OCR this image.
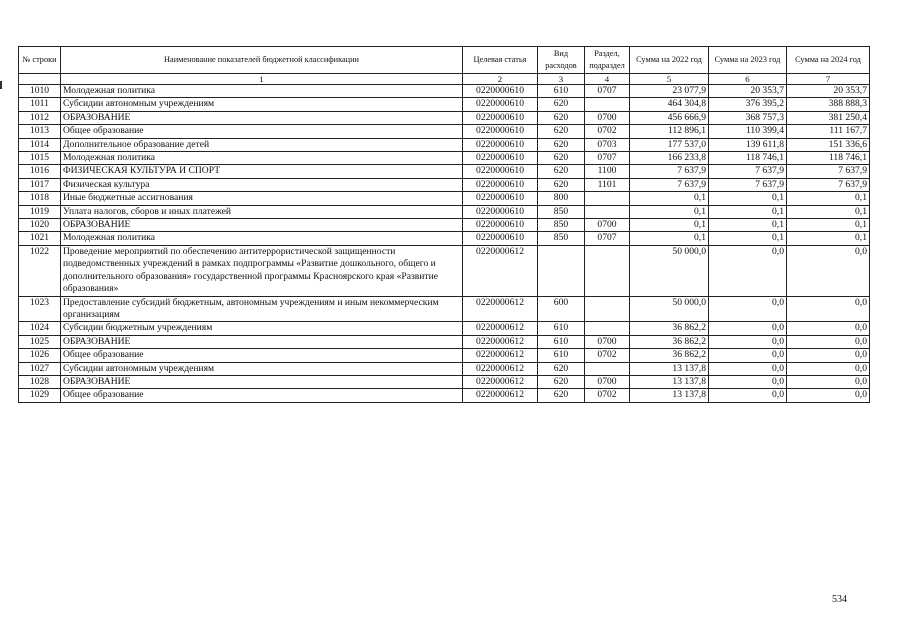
№ строки	Наименование показателей бюджетной классификации	Целевая статья	Вид расходов	Раздел, подраздел	Сумма на 2022 год	Сумма на 2023 год	Сумма на 2024 год
	1	2	3	4	5	6	7
1010	Молодежная политика	0220000610	610	0707	23 077,9	20 353,7	20 353,7
1011	Субсидии автономным учреждениям	0220000610	620		464 304,8	376 395,2	388 888,3
1012	ОБРАЗОВАНИЕ	0220000610	620	0700	456 666,9	368 757,3	381 250,4
1013	Общее образование	0220000610	620	0702	112 896,1	110 399,4	111 167,7
1014	Дополнительное образование детей	0220000610	620	0703	177 537,0	139 611,8	151 336,6
1015	Молодежная политика	0220000610	620	0707	166 233,8	118 746,1	118 746,1
1016	ФИЗИЧЕСКАЯ КУЛЬТУРА И СПОРТ	0220000610	620	1100	7 637,9	7 637,9	7 637,9
1017	Физическая культура	0220000610	620	1101	7 637,9	7 637,9	7 637,9
1018	Иные бюджетные ассигнования	0220000610	800		0,1	0,1	0,1
1019	Уплата налогов, сборов и иных платежей	0220000610	850		0,1	0,1	0,1
1020	ОБРАЗОВАНИЕ	0220000610	850	0700	0,1	0,1	0,1
1021	Молодежная политика	0220000610	850	0707	0,1	0,1	0,1
1022	Проведение мероприятий по обеспечению антитеррористической защищенности подведомственных учреждений в рамках подпрограммы «Развитие дошкольного, общего и дополнительного образования» государственной программы Красноярского края «Развитие образования»	0220000612			50 000,0	0,0	0,0
1023	Предоставление субсидий бюджетным, автономным учреждениям и иным некоммерческим организациям	0220000612	600		50 000,0	0,0	0,0
1024	Субсидии бюджетным учреждениям	0220000612	610		36 862,2	0,0	0,0
1025	ОБРАЗОВАНИЕ	0220000612	610	0700	36 862,2	0,0	0,0
1026	Общее образование	0220000612	610	0702	36 862,2	0,0	0,0
1027	Субсидии автономным учреждениям	0220000612	620		13 137,8	0,0	0,0
1028	ОБРАЗОВАНИЕ	0220000612	620	0700	13 137,8	0,0	0,0
1029	Общее образование	0220000612	620	0702	13 137,8	0,0	0,0
534
